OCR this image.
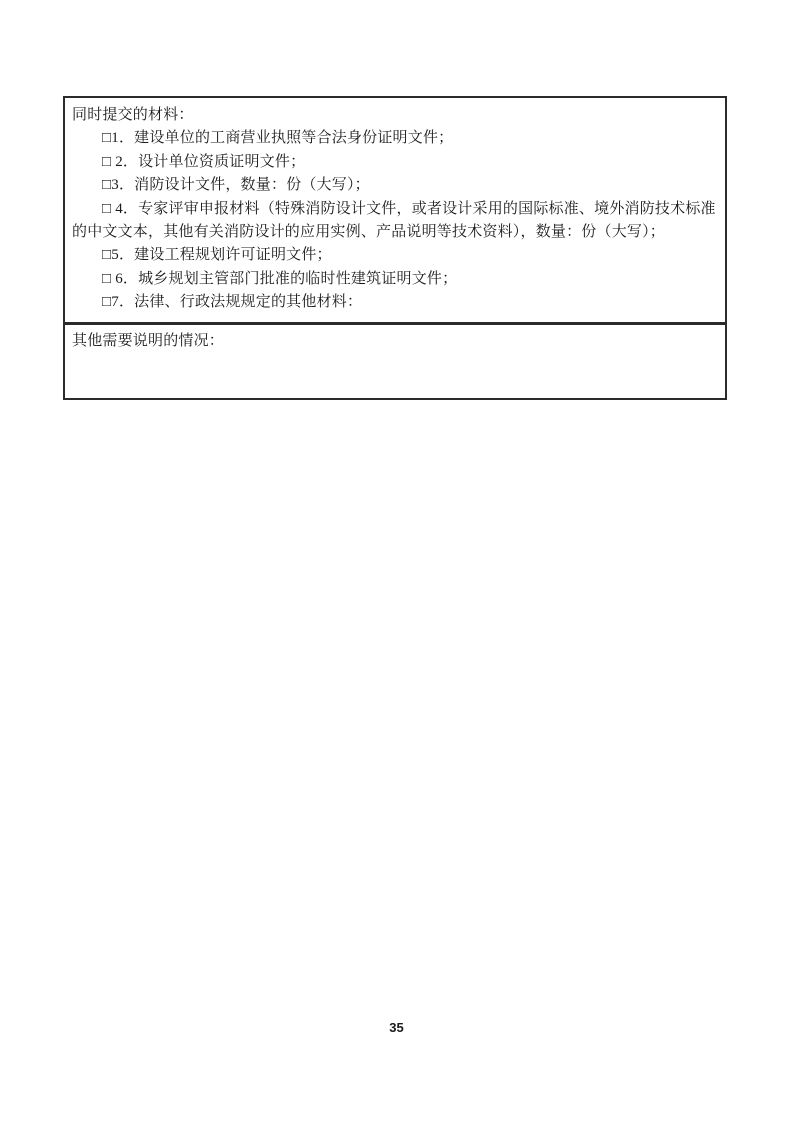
同时提交的材料：

□1．建设单位的工商营业执照等合法身份证明文件；

□ 2．设计单位资质证明文件；

□3．消防设计文件，数量：份（大写）；

□ 4．专家评审申报材料（特殊消防设计文件，或者设计采用的国际标准、境外消防技术标准的中文文本，其他有关消防设计的应用实例、产品说明等技术资料），数量：份（大写）；

□5．建设工程规划许可证明文件；

□ 6．城乡规划主管部门批准的临时性建筑证明文件；

□7．法律、行政法规规定的其他材料：

其他需要说明的情况：

35
